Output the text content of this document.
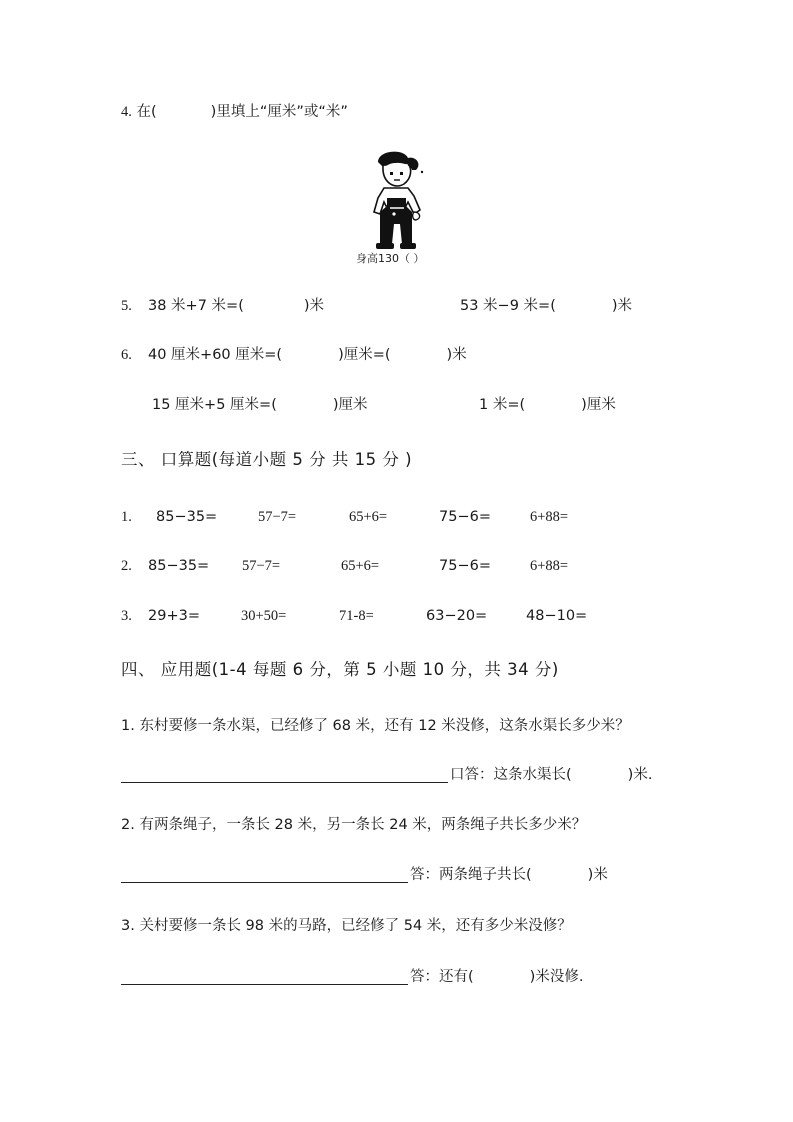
4. 在(	)里填上“厘米”或“米”
身高130（ ）
5. 38 米+7 米=(	)米	53 米−9 米=(	)米
6. 40 厘米+60 厘米=(	)厘米=(	)米
15 厘米+5 厘米=(	)厘米	1 米=(	)厘米
三、 口算题(每道小题 5 分 共 15 分 )
1. 85−35=	57−7=	65+6=	75−6=	6+88=
2. 85−35= 57−7=	65+6=	75−6=	6+88=
3. 29+3=	30+50=	71-8=	63−20=	48−10=
四、 应用题(1-4 每题 6 分，第 5 小题 10 分，共 34 分)
1. 东村要修一条水渠，已经修了 68 米，还有 12 米没修，这条水渠长多少米？
口答：这条水渠长(	)米.
2. 有两条绳子，一条长 28 米，另一条长 24 米，两条绳子共长多少米？
答：两条绳子共长(	)米
3. 关村要修一条长 98 米的马路，已经修了 54 米，还有多少米没修？
答：还有(	)米没修.
